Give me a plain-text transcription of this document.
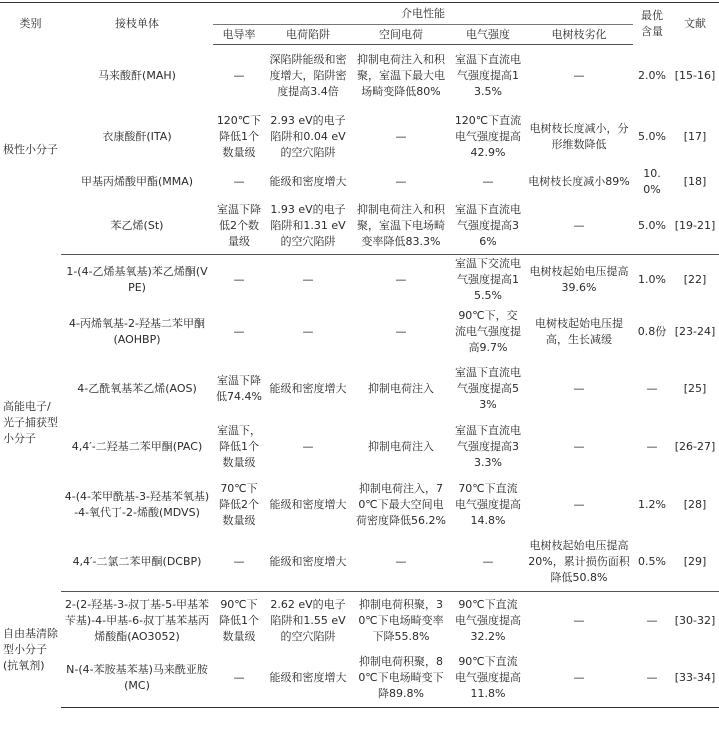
类别	接枝单体	介电性能					最优含量	文献
		电导率	电荷陷阱	空间电荷	电气强度	电树枝劣化		
极性小分子	马来酸酐(MAH)	—	深陷阱能级和密度增大，陷阱密度提高3.4倍	抑制电荷注入和积聚，室温下最大电场畸变降低80%	室温下直流电气强度提高13.5%	—	2.0%	[15-16]
	衣康酸酐(ITA)	120℃下降低1个数量级	2.93 eV的电子陷阱和0.04 eV的空穴陷阱	—	120℃下直流电气强度提高42.9%	电树枝长度减小，分形维数降低	5.0%	[17]
	甲基丙烯酸甲酯(MMA)	—	能级和密度增大	—	—	电树枝长度减小89%	10.0%	[18]
	苯乙烯(St)	室温下降低2个数量级	1.93 eV的电子陷阱和1.31 eV的空穴陷阱	抑制电荷注入和积聚，室温下电场畸变率降低83.3%	室温下直流电气强度提高36%	—	5.0%	[19-21]
高能电子/光子捕获型小分子	1-(4-乙烯基氧基)苯乙烯酮(VPE)	—	—	—	室温下交流电气强度提高15.5%	电树枝起始电压提高39.6%	1.0%	[22]
	4-丙烯氧基-2-羟基二苯甲酮(AOHBP)	—	—	—	90℃下，交流电气强度提高9.7%	电树枝起始电压提高，生长减缓	0.8份	[23-24]
	4-乙酰氧基苯乙烯(AOS)	室温下降低74.4%	能级和密度增大	抑制电荷注入	室温下直流电气强度提高53%	—	—	[25]
	4,4′-二羟基二苯甲酮(PAC)	室温下，降低1个数量级	—	抑制电荷注入	室温下直流电气强度提高33.3%	—	—	[26-27]
	4-(4-苯甲酰基-3-羟基苯氧基)-4-氧代丁-2-烯酸(MDVS)	70℃下降低2个数量级	能级和密度增大	抑制电荷注入，70℃下最大空间电荷密度降低56.2%	70℃下直流电气强度提高14.8%	—	1.2%	[28]
	4,4′-二氯二苯甲酮(DCBP)	—	能级和密度增大	—	—	电树枝起始电压提高20%，累计损伤面积降低50.8%	0.5%	[29]
自由基清除型小分子(抗氧剂)	2-(2-羟基-3-叔丁基-5-甲基苯苄基)-4-甲基-6-叔丁基苯基丙烯酸酯(AO3052)	90℃下降低1个数量级	2.62 eV的电子陷阱和1.55 eV的空穴陷阱	抑制电荷积聚，30℃下电场畸变率下降55.8%	90℃下直流电气强度提高32.2%	—	—	[30-32]
	N-(4-苯胺基苯基)马来酰亚胺(MC)	—	能级和密度增大	抑制电荷积聚，80℃下电场畸变下降89.8%	90℃下直流电气强度提高11.8%	—	—	[33-34]
